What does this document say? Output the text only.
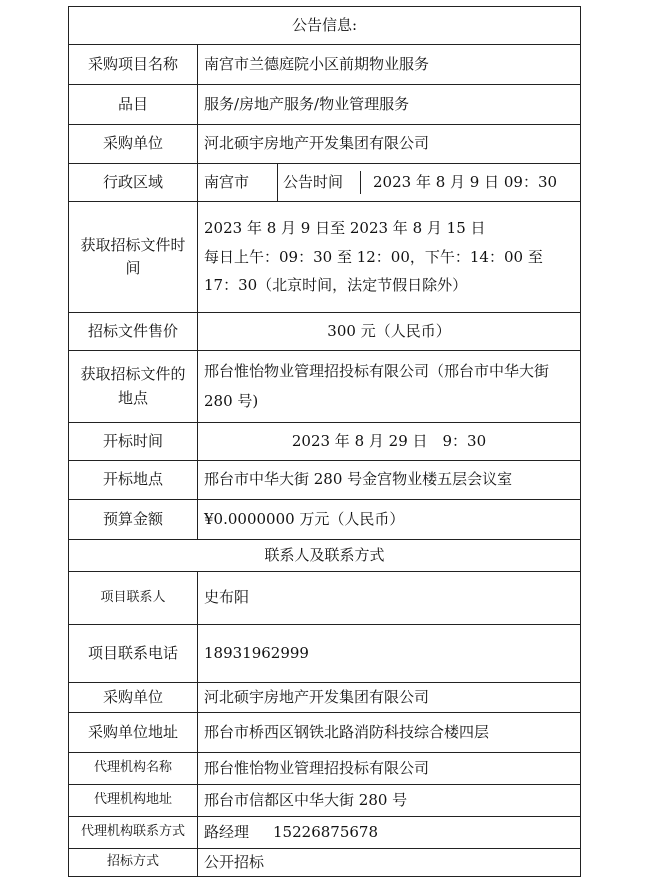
公告信息:		
采购项目名称	南宫市兰德庭院小区前期物业服务	
品目	服务/房地产服务/物业管理服务	
采购单位	河北硕宇房地产开发集团有限公司	
行政区域	南宫市	公告时间 2023 年 8 月 9 日 09：30

获取招标文件时间	2023 年 8 月 9 日至 2023 年 8 月 15 日
每日上午：09：30 至 12：00，下午：14：00 至 17：30（北京时间，法定节假日除外）	

招标文件售价	300 元（人民币）	
获取招标文件的地点	邢台惟怡物业管理招投标有限公司（邢台市中华大街 280 号)	
开标时间	2023 年 8 月 29 日　9：30	
开标地点	邢台市中华大街 280 号金宫物业楼五层会议室	
预算金额	¥0.0000000 万元（人民币）	
联系人及联系方式		
项目联系人	史布阳	
项目联系电话	18931962999	
采购单位	河北硕宇房地产开发集团有限公司	
采购单位地址	邢台市桥西区钢铁北路消防科技综合楼四层	
代理机构名称	邢台惟怡物业管理招投标有限公司	
代理机构地址	邢台市信都区中华大街 280 号	
代理机构联系方式	路经理 15226875678	
招标方式	公开招标	
